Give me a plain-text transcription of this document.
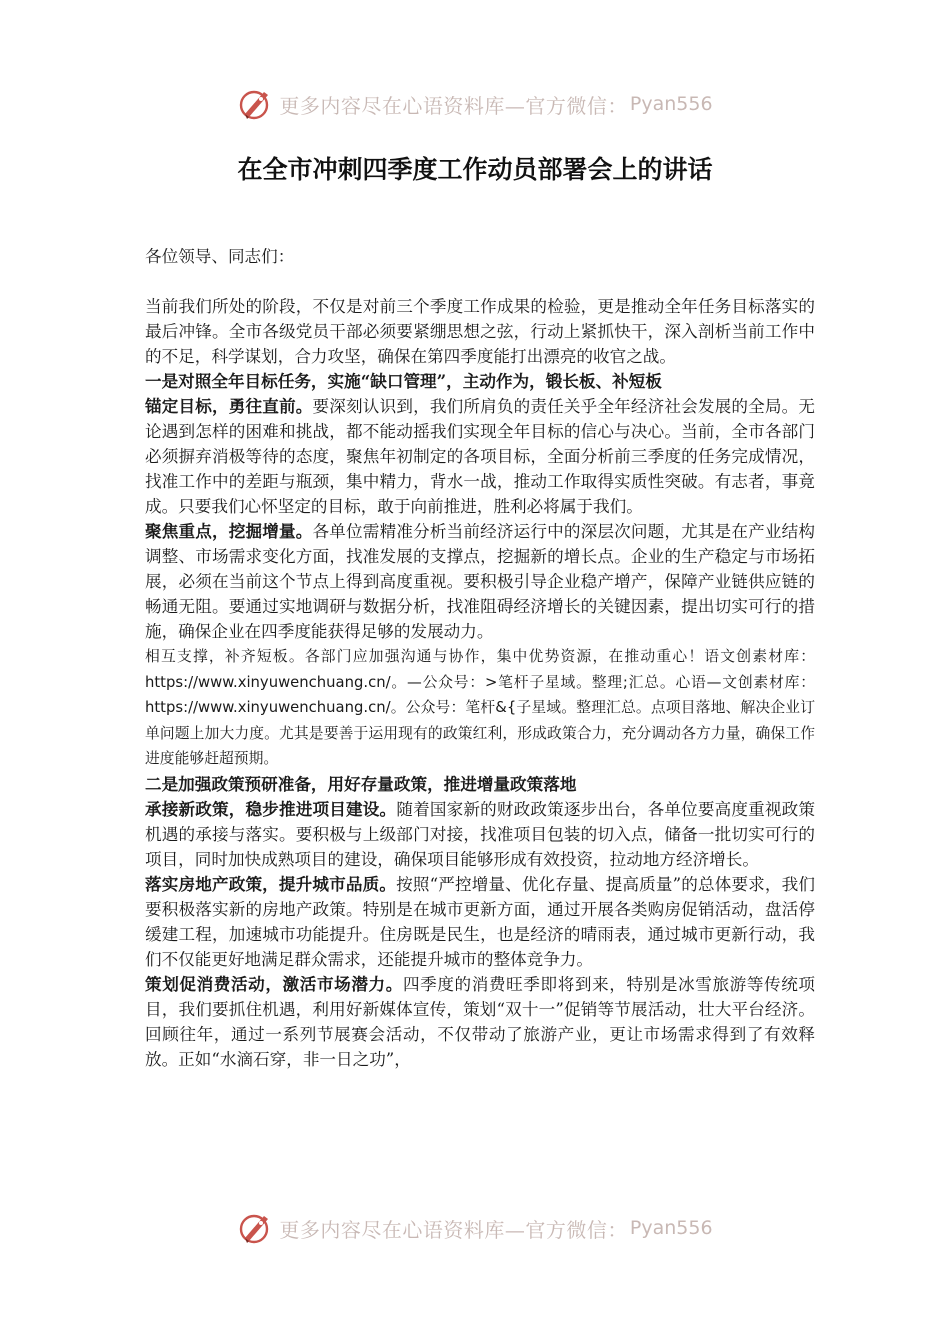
更多内容尽在心语资料库—官方微信： Pyan556
在全市冲刺四季度工作动员部署会上的讲话

各位领导、同志们：

当前我们所处的阶段，不仅是对前三个季度工作成果的检验，更是推动全年任务目标落实的最后冲锋。全市各级党员干部必须要紧绷思想之弦，行动上紧抓快干，深入剖析当前工作中的不足，科学谋划，合力攻坚，确保在第四季度能打出漂亮的收官之战。

一是对照全年目标任务，实施“缺口管理”，主动作为，锻长板、补短板

锚定目标，勇往直前。要深刻认识到，我们所肩负的责任关乎全年经济社会发展的全局。无论遇到怎样的困难和挑战，都不能动摇我们实现全年目标的信心与决心。当前，全市各部门必须摒弃消极等待的态度，聚焦年初制定的各项目标，全面分析前三季度的任务完成情况，找准工作中的差距与瓶颈，集中精力，背水一战，推动工作取得实质性突破。有志者，事竟成。只要我们心怀坚定的目标，敢于向前推进，胜利必将属于我们。

聚焦重点，挖掘增量。各单位需精准分析当前经济运行中的深层次问题，尤其是在产业结构调整、市场需求变化方面，找准发展的支撑点，挖掘新的增长点。企业的生产稳定与市场拓展，必须在当前这个节点上得到高度重视。要积极引导企业稳产增产，保障产业链供应链的畅通无阻。要通过实地调研与数据分析，找准阻碍经济增长的关键因素，提出切实可行的措施，确保企业在四季度能获得足够的发展动力。

相互支撑，补齐短板。各部门应加强沟通与协作，集中优势资源，在推动重心！语文创素材库：https://www.xinyuwenchuang.cn/。—公众号：>笔杆子星域。整理;汇总。心语—文创素材库：https://www.xinyuwenchuang.cn/。公众号：笔杆&{子星域。整理汇总。点项目落地、解决企业订单问题上加大力度。尤其是要善于运用现有的政策红利，形成政策合力，充分调动各方力量，确保工作进度能够赶超预期。

二是加强政策预研准备，用好存量政策，推进增量政策落地

承接新政策，稳步推进项目建设。随着国家新的财政政策逐步出台，各单位要高度重视政策机遇的承接与落实。要积极与上级部门对接，找准项目包装的切入点，储备一批切实可行的项目，同时加快成熟项目的建设，确保项目能够形成有效投资，拉动地方经济增长。

落实房地产政策，提升城市品质。按照“严控增量、优化存量、提高质量”的总体要求，我们要积极落实新的房地产政策。特别是在城市更新方面，通过开展各类购房促销活动，盘活停缓建工程，加速城市功能提升。住房既是民生，也是经济的晴雨表，通过城市更新行动，我们不仅能更好地满足群众需求，还能提升城市的整体竞争力。

策划促消费活动，激活市场潜力。四季度的消费旺季即将到来，特别是冰雪旅游等传统项目，我们要抓住机遇，利用好新媒体宣传，策划“双十一”促销等节展活动，壮大平台经济。回顾往年，通过一系列节展赛会活动，不仅带动了旅游产业，更让市场需求得到了有效释放。正如“水滴石穿，非一日之功”，

更多内容尽在心语资料库—官方微信： Pyan556
